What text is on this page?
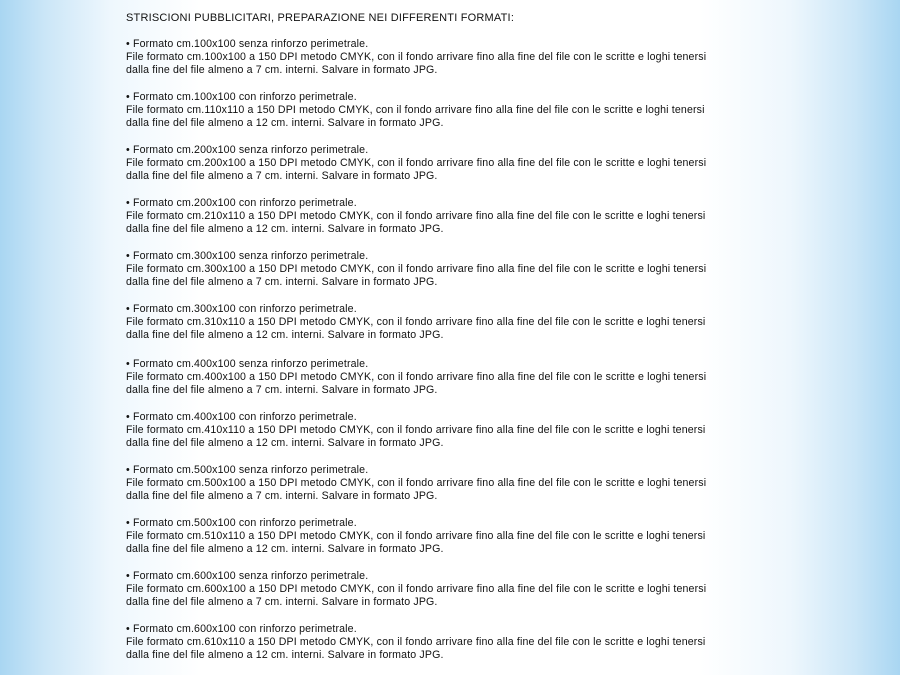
STRISCIONI PUBBLICITARI, PREPARAZIONE NEI DIFFERENTI FORMATI:
• Formato cm.100x100 senza rinforzo perimetrale.
File formato cm.100x100 a 150 DPI metodo CMYK, con il fondo arrivare fino alla fine del file con le scritte e loghi tenersi
dalla fine del file almeno a 7 cm. interni. Salvare in formato JPG.
• Formato cm.100x100 con rinforzo perimetrale.
File formato cm.110x110 a 150 DPI metodo CMYK, con il fondo arrivare fino alla fine del file con le scritte e loghi tenersi
dalla fine del file almeno a 12 cm. interni. Salvare in formato JPG.
• Formato cm.200x100 senza rinforzo perimetrale.
File formato cm.200x100 a 150 DPI metodo CMYK, con il fondo arrivare fino alla fine del file con le scritte e loghi tenersi
dalla fine del file almeno a 7 cm. interni. Salvare in formato JPG.
• Formato cm.200x100 con rinforzo perimetrale.
File formato cm.210x110 a 150 DPI metodo CMYK, con il fondo arrivare fino alla fine del file con le scritte e loghi tenersi
dalla fine del file almeno a 12 cm. interni. Salvare in formato JPG.
• Formato cm.300x100 senza rinforzo perimetrale.
File formato cm.300x100 a 150 DPI metodo CMYK, con il fondo arrivare fino alla fine del file con le scritte e loghi tenersi
dalla fine del file almeno a 7 cm. interni. Salvare in formato JPG.
• Formato cm.300x100 con rinforzo perimetrale.
File formato cm.310x110 a 150 DPI metodo CMYK, con il fondo arrivare fino alla fine del file con le scritte e loghi tenersi
dalla fine del file almeno a 12 cm. interni. Salvare in formato JPG.
• Formato cm.400x100 senza rinforzo perimetrale.
File formato cm.400x100 a 150 DPI metodo CMYK, con il fondo arrivare fino alla fine del file con le scritte e loghi tenersi
dalla fine del file almeno a 7 cm. interni. Salvare in formato JPG.
• Formato cm.400x100 con rinforzo perimetrale.
File formato cm.410x110 a 150 DPI metodo CMYK, con il fondo arrivare fino alla fine del file con le scritte e loghi tenersi
dalla fine del file almeno a 12 cm. interni. Salvare in formato JPG.
• Formato cm.500x100 senza rinforzo perimetrale.
File formato cm.500x100 a 150 DPI metodo CMYK, con il fondo arrivare fino alla fine del file con le scritte e loghi tenersi
dalla fine del file almeno a 7 cm. interni. Salvare in formato JPG.
• Formato cm.500x100 con rinforzo perimetrale.
File formato cm.510x110 a 150 DPI metodo CMYK, con il fondo arrivare fino alla fine del file con le scritte e loghi tenersi
dalla fine del file almeno a 12 cm. interni. Salvare in formato JPG.
• Formato cm.600x100 senza rinforzo perimetrale.
File formato cm.600x100 a 150 DPI metodo CMYK, con il fondo arrivare fino alla fine del file con le scritte e loghi tenersi
dalla fine del file almeno a 7 cm. interni. Salvare in formato JPG.
• Formato cm.600x100 con rinforzo perimetrale.
File formato cm.610x110 a 150 DPI metodo CMYK, con il fondo arrivare fino alla fine del file con le scritte e loghi tenersi
dalla fine del file almeno a 12 cm. interni. Salvare in formato JPG.
